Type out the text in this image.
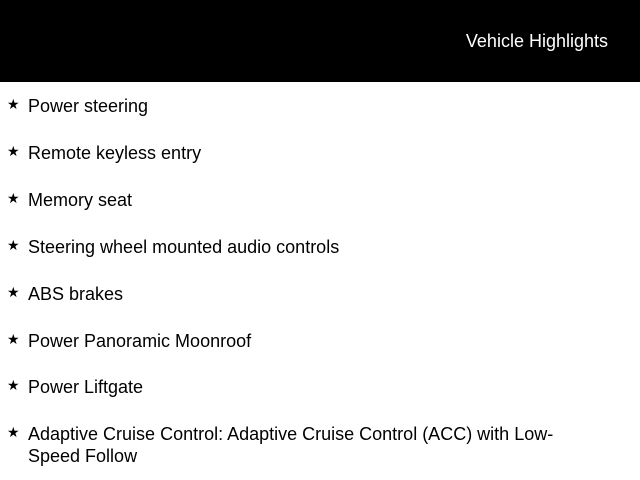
Vehicle Highlights
★ Power steering
★ Remote keyless entry
★ Memory seat
★ Steering wheel mounted audio controls
★ ABS brakes
★ Power Panoramic Moonroof
★ Power Liftgate
★ Adaptive Cruise Control: Adaptive Cruise Control (ACC) with Low-Speed Follow
